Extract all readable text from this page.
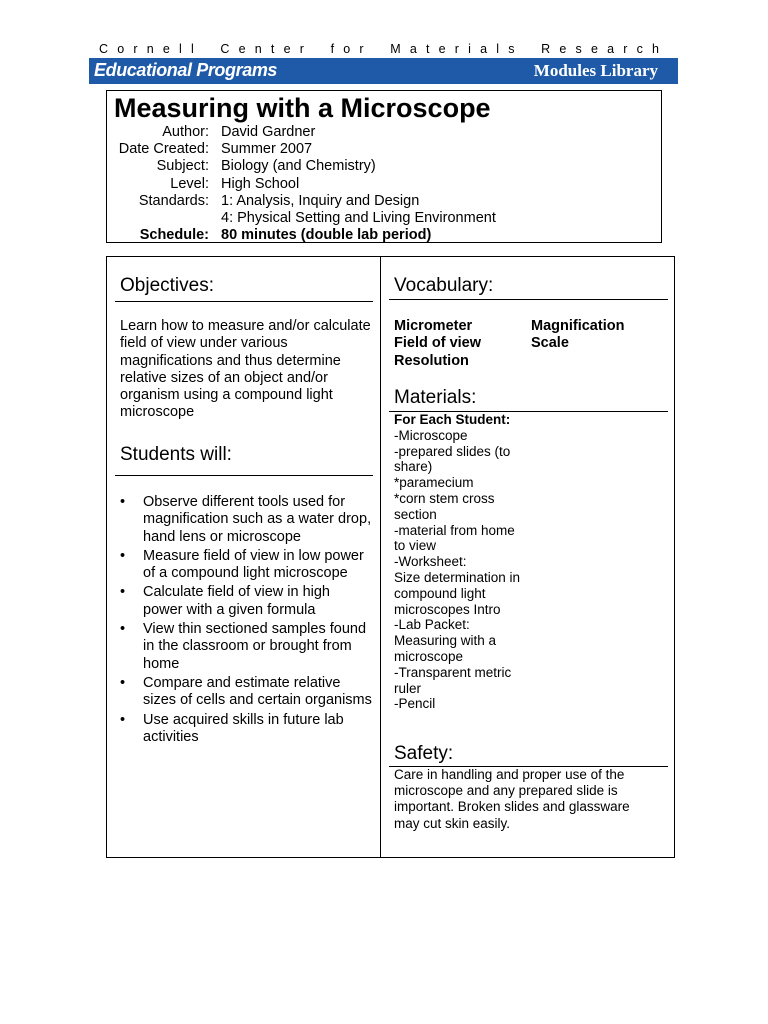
C o r n e l l C e n t e r f o r M a t e r i a l s R e s e a r c h
Educational Programs	Modules Library
Measuring with a Microscope
Author: David Gardner
Date Created: Summer 2007
Subject: Biology (and Chemistry)
Level: High School
Standards: 1: Analysis, Inquiry and Design
4: Physical Setting and Living Environment
Schedule: 80 minutes (double lab period)
Objectives:
Learn how to measure and/or calculate field of view under various magnifications and thus determine relative sizes of an object and/or organism using a compound light microscope
Students will:
• Observe different tools used for magnification such as a water drop, hand lens or microscope
• Measure field of view in low power of a compound light microscope
• Calculate field of view in high power with a given formula
• View thin sectioned samples found in the classroom or brought from home
• Compare and estimate relative sizes of cells and certain organisms
• Use acquired skills in future lab activities
Vocabulary:
Micrometer
Field of view
Resolution
Magnification
Scale
Materials:
For Each Student:
-Microscope
-prepared slides (to share)
*paramecium
*corn stem cross section
-material from home to view
-Worksheet:
Size determination in compound light microscopes Intro
-Lab Packet:
Measuring with a microscope
-Transparent metric ruler
-Pencil
Safety:
Care in handling and proper use of the microscope and any prepared slide is important. Broken slides and glassware may cut skin easily.
